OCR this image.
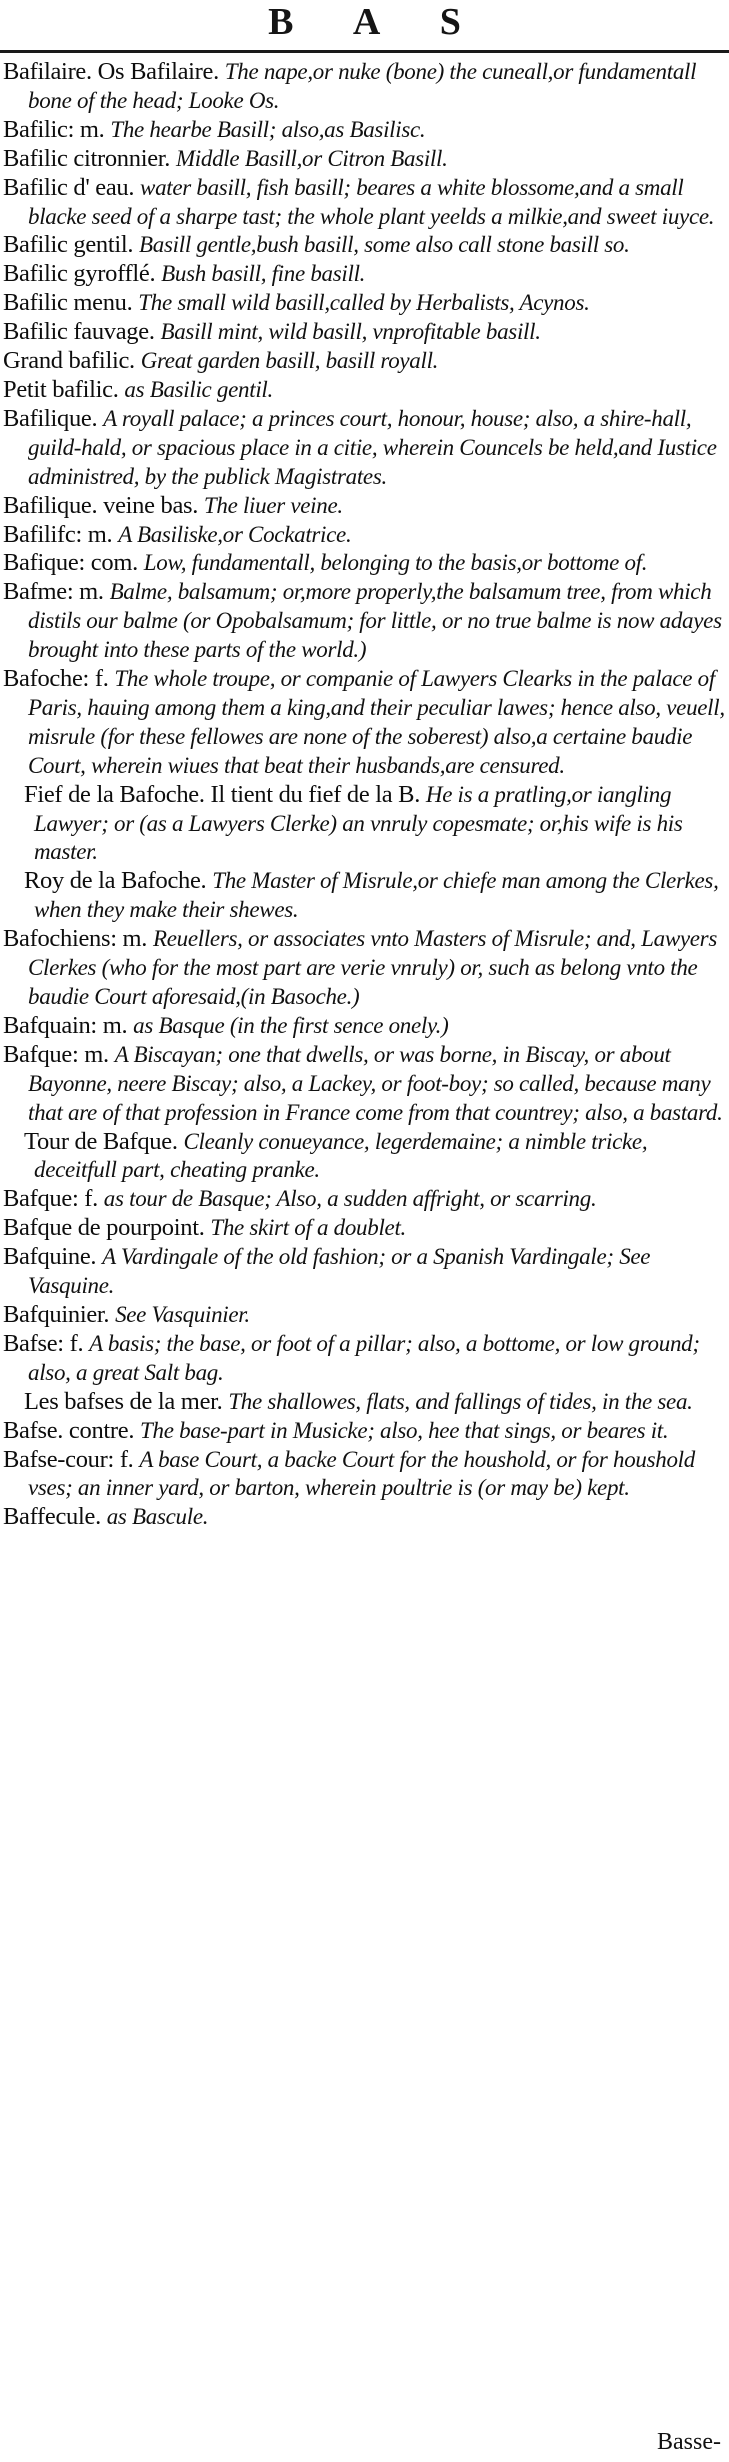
B A S

Bafilaire. Os Bafilaire. The nape,or nuke (bone) the cuneall,or fundamentall bone of the head; Looke Os.

Bafilic: m. The hearbe Basill; also,as Basilisc.

Bafilic citronnier. Middle Basill,or Citron Basill.

Bafilic d' eau. water basill, fish basill; beares a white blossome,and a small blacke seed of a sharpe tast; the whole plant yeelds a milkie,and sweet iuyce.

Bafilic gentil. Basill gentle,bush basill, some also call stone basill so.

Bafilic gyrofflé. Bush basill, fine basill.

Bafilic menu. The small wild basill,called by Herbalists, Acynos.

Bafilic fauvage. Basill mint, wild basill, vnprofitable basill.

Grand bafilic. Great garden basill, basill royall.

Petit bafilic. as Basilic gentil.

Bafilique. A royall palace; a princes court, honour, house; also, a shire-hall, guild-hald, or spacious place in a citie, wherein Councels be held,and Iustice administred, by the publick Magistrates.

Bafilique. veine bas. The liuer veine.

Bafilifc: m. A Basiliske,or Cockatrice.

Bafique: com. Low, fundamentall, belonging to the basis,or bottome of.

Bafme: m. Balme, balsamum; or,more properly,the balsamum tree, from which distils our balme (or Opobalsamum; for little, or no true balme is now adayes brought into these parts of the world.)

Bafoche: f. The whole troupe, or companie of Lawyers Clearks in the palace of Paris, hauing among them a king,and their peculiar lawes; hence also, veuell, misrule (for these fellowes are none of the soberest) also,a certaine baudie Court, wherein wiues that beat their husbands,are censured.

Fief de la Bafoche. Il tient du fief de la B. He is a pratling,or iangling Lawyer; or (as a Lawyers Clerke) an vnruly copesmate; or,his wife is his master.

Roy de la Bafoche. The Master of Misrule,or chiefe man among the Clerkes, when they make their shewes.

Bafochiens: m. Reuellers, or associates vnto Masters of Misrule; and, Lawyers Clerkes (who for the most part are verie vnruly) or, such as belong vnto the baudie Court aforesaid,(in Basoche.)

Bafquain: m. as Basque (in the first sence onely.)

Bafque: m. A Biscayan; one that dwells, or was borne, in Biscay, or about Bayonne, neere Biscay; also, a Lackey, or foot-boy; so called, because many that are of that profession in France come from that countrey; also, a bastard.

Tour de Bafque. Cleanly conueyance, legerdemaine; a nimble tricke, deceitfull part, cheating pranke.

Bafque: f. as tour de Basque; Also, a sudden affright, or scarring.

Bafque de pourpoint. The skirt of a doublet.

Bafquine. A Vardingale of the old fashion; or a Spanish Vardingale; See Vasquine.

Bafquinier. See Vasquinier.

Bafse: f. A basis; the base, or foot of a pillar; also, a bottome, or low ground; also, a great Salt bag.

Les bafses de la mer. The shallowes, flats, and fallings of tides, in the sea.

Bafse. contre. The base-part in Musicke; also, hee that sings, or beares it.

Bafse-cour: f. A base Court, a backe Court for the houshold, or for houshold vses; an inner yard, or barton, wherein poultrie is (or may be) kept.

Baffecule. as Bascule.

Basse-
